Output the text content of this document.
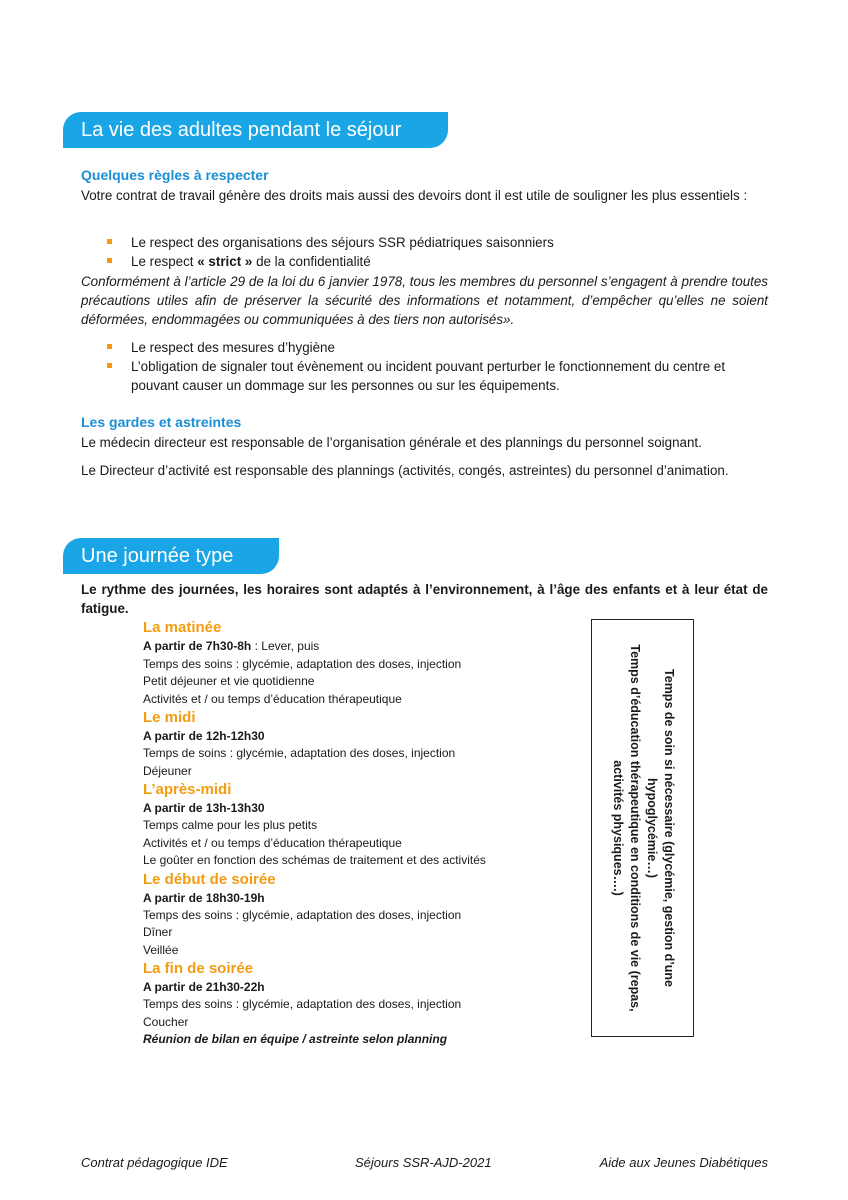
La vie des adultes pendant le séjour
Quelques règles à respecter
Votre contrat de travail génère des droits mais aussi des devoirs dont il est utile de souligner les plus essentiels :
Le respect des organisations des séjours SSR pédiatriques saisonniers
Le respect « strict » de la confidentialité
Conformément à l’article 29 de la loi du 6 janvier 1978, tous les membres du personnel s’engagent à prendre toutes précautions utiles afin de préserver la sécurité des informations et notamment, d’empêcher qu’elles ne soient déformées, endommagées ou communiquées à des tiers non autorisés».
Le respect des mesures d’hygiène
L’obligation de signaler tout évènement ou incident pouvant perturber le fonctionnement du centre et pouvant causer un dommage sur les personnes ou sur les équipements.
Les gardes et astreintes
Le médecin directeur est responsable de l’organisation générale et des plannings du personnel soignant.
Le Directeur d’activité est responsable des plannings (activités, congés, astreintes) du personnel d’animation.
Une journée type
Le rythme des journées, les horaires sont adaptés à l’environnement, à l’âge des enfants et à leur état de fatigue.
La matinée
A partir de 7h30-8h : Lever, puis
Temps des soins : glycémie, adaptation des doses, injection
Petit déjeuner et vie quotidienne
Activités et / ou temps d’éducation thérapeutique
Le midi
A partir de 12h-12h30
Temps de soins : glycémie, adaptation des doses, injection
Déjeuner
L’après-midi
A partir de 13h-13h30
Temps calme pour les plus petits
Activités et / ou temps d’éducation thérapeutique
Le goûter en fonction des schémas de traitement et des activités
Le début de soirée
A partir de 18h30-19h
Temps des soins : glycémie, adaptation des doses, injection
Dîner
Veillée
La fin de soirée
A partir de 21h30-22h
Temps des soins : glycémie, adaptation des doses, injection
Coucher
Réunion de bilan en équipe / astreinte selon planning
Temps de soin si nécessaire (glycémie, gestion d’une hypoglycémie…)
Temps d’éducation thérapeutique en conditions de vie (repas, activités physiques….)
Contrat pédagogique IDE	Séjours SSR-AJD-2021	Aide aux Jeunes Diabétiques
